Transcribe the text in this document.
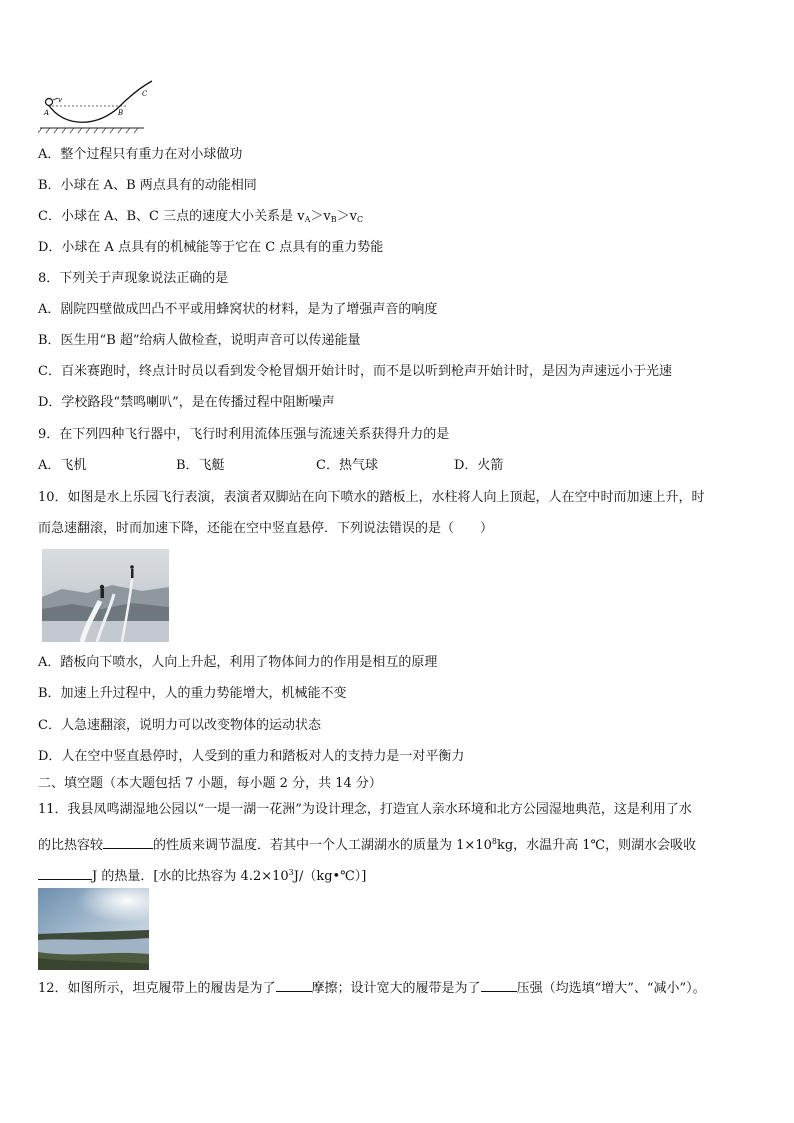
A
v
B
C
A．整个过程只有重力在对小球做功
B．小球在 A、B 两点具有的动能相同
C．小球在 A、B、C 三点的速度大小关系是 $v_A>v_B>v_C$
D．小球在 A 点具有的机械能等于它在 C 点具有的重力势能
8．下列关于声现象说法正确的是
A．剧院四壁做成凹凸不平或用蜂窝状的材料，是为了增强声音的响度
B．医生用“B 超”给病人做检查，说明声音可以传递能量
C．百米赛跑时，终点计时员以看到发令枪冒烟开始计时，而不是以听到枪声开始计时，是因为声速远小于光速
D．学校路段“禁鸣喇叭”，是在传播过程中阻断噪声
9．在下列四种飞行器中，飞行时利用流体压强与流速关系获得升力的是
A．飞机	B．飞艇	C．热气球	D．火箭
10．如图是水上乐园飞行表演，表演者双脚站在向下喷水的踏板上，水柱将人向上顶起，人在空中时而加速上升，时
而急速翻滚，时而加速下降，还能在空中竖直悬停．下列说法错误的是（　　）
A．踏板向下喷水，人向上升起，利用了物体间力的作用是相互的原理
B．加速上升过程中，人的重力势能增大，机械能不变
C．人急速翻滚，说明力可以改变物体的运动状态
D．人在空中竖直悬停时，人受到的重力和踏板对人的支持力是一对平衡力
二、填空题（本大题包括 7 小题，每小题 2 分，共 14 分）
11．我县凤鸣湖湿地公园以“一堤一湖一花洲”为设计理念，打造宜人亲水环境和北方公园湿地典范，这是利用了水
的比热容较	的性质来调节温度．若其中一个人工湖湖水的质量为 $1\times 10^8kg$，水温升高 1℃，则湖水会吸收
J 的热量．[水的比热容为 $4.2\times 10^3J/(kg•℃)$]
12．如图所示，坦克履带上的履齿是为了	摩擦；设计宽大的履带是为了	压强（均选填“增大”、“减小”）。
